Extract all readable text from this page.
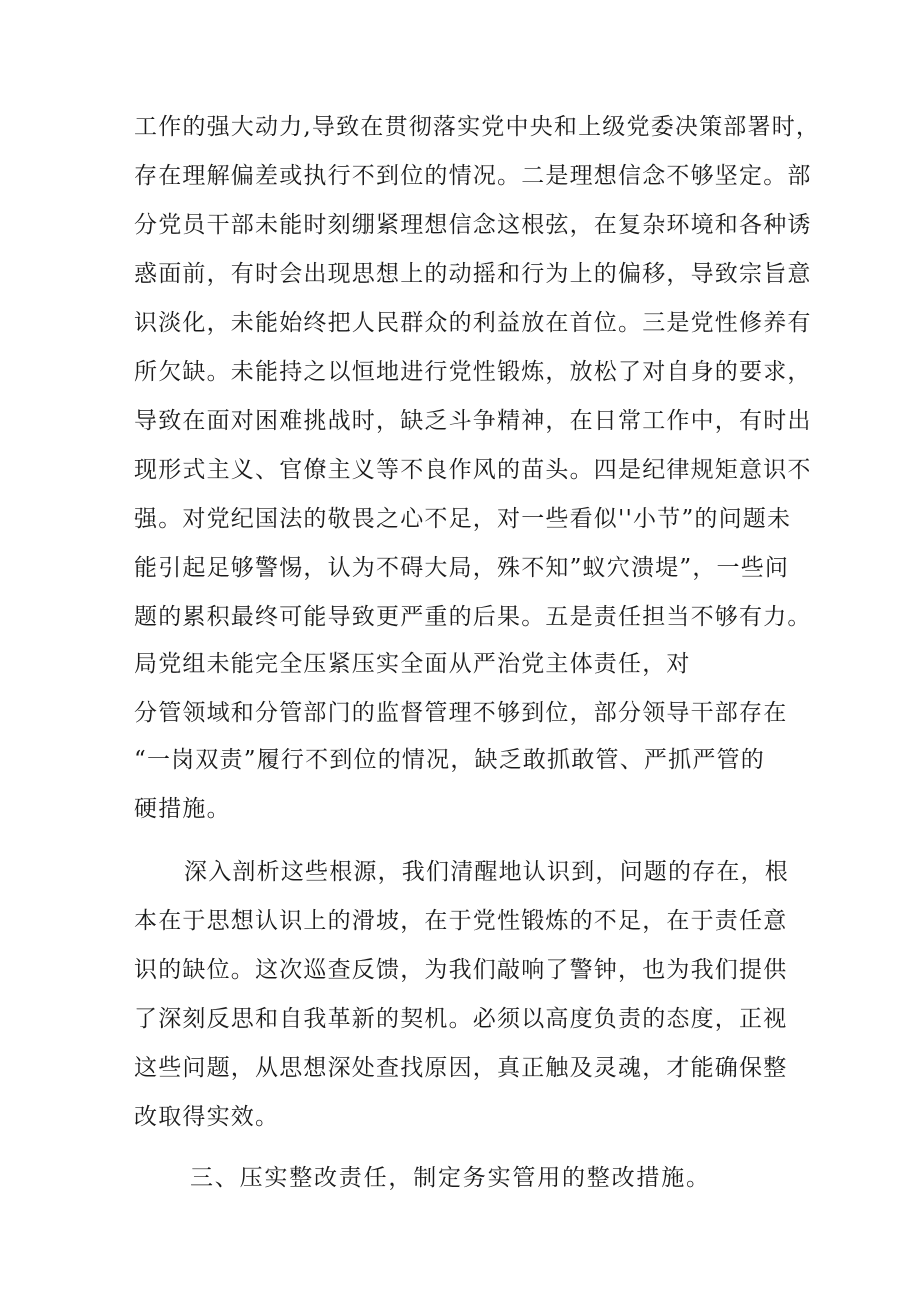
工作的强大动力,导致在贯彻落实党中央和上级党委决策部署时，
存在理解偏差或执行不到位的情况。二是理想信念不够坚定。部
分党员干部未能时刻绷紧理想信念这根弦，在复杂环境和各种诱
惑面前，有时会出现思想上的动摇和行为上的偏移，导致宗旨意
识淡化，未能始终把人民群众的利益放在首位。三是党性修养有
所欠缺。未能持之以恒地进行党性锻炼，放松了对自身的要求，
导致在面对困难挑战时，缺乏斗争精神，在日常工作中，有时出
现形式主义、官僚主义等不良作风的苗头。四是纪律规矩意识不
强。对党纪国法的敬畏之心不足，对一些看似''小节”的问题未
能引起足够警惕，认为不碍大局，殊不知”蚁穴溃堤”，一些问
题的累积最终可能导致更严重的后果。五是责任担当不够有力。
局党组未能完全压紧压实全面从严治党主体责任，对
分管领域和分管部门的监督管理不够到位，部分领导干部存在
“一岗双责”履行不到位的情况，缺乏敢抓敢管、严抓严管的
硬措施。
深入剖析这些根源，我们清醒地认识到，问题的存在，根
本在于思想认识上的滑坡，在于党性锻炼的不足，在于责任意
识的缺位。这次巡查反馈，为我们敲响了警钟，也为我们提供
了深刻反思和自我革新的契机。必须以高度负责的态度，正视
这些问题，从思想深处查找原因，真正触及灵魂，才能确保整
改取得实效。
三、压实整改责任，制定务实管用的整改措施。
